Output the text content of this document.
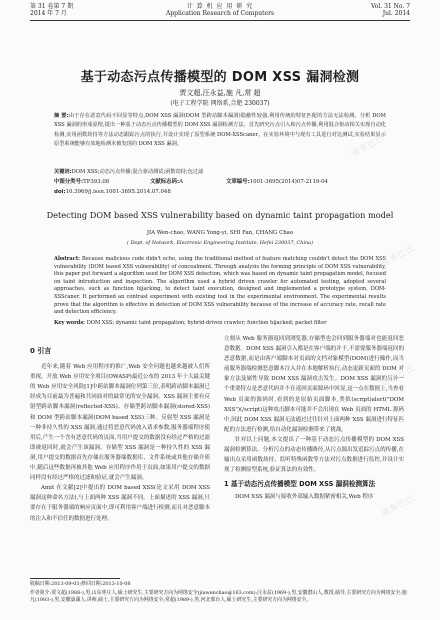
第 31 卷第 7 期
2014 年 7 月
计 算 机 应 用 研 究
Application Research of Computers
Vol. 31 No. 7
Jul. 2014
基于动态污点传播模型的 DOM XSS 漏洞检测
贾文超,汪永益,施 凡,常 超
(电子工程学院 网络系,合肥 230037)
摘 要:由于存在恶意代码不回显等特点,DOM XSS 漏洞(DOM 型跨站脚本漏洞)隐蔽性较强,利用传统的特征匹配的方法无法检测。分析 DOM XSS 漏洞的形成原理,提出一种基于动态污点传播模型的 DOM XSS 漏洞检测方法。首先研究污点引入和污点传播,利用混合驱动相关实现自动化检测,实用函数劫持等方法动态跟踪污点的执行,并设计实现了原型系统 DOM-XSScaner。在实验环境中与现有工具进行对比测试,实验结果显示原型系统能够有效地检测未被发现的 DOM XSS 漏洞。
关键词:DOM XSS;动态污点传播;混合驱动测试;函数劫持;包过滤
中图分类号:TP393.08	文献标志码:A	文章编号:1001-3695(2014)07-2119-04
doi:10.3969/j.issn.1001-3695.2014.07.048
Detecting DOM based XSS vulnerability based on dynamic taint propagation model
JIA Wen-chao, WANG Yong-yi, SHI Fan, CHANG Chao
( Dept. of Network, Electronic Engineering Institute, Hefei 230037, China)
Abstract: Because malicious code didn't echo, using the traditional method of feature matching couldn't detect the DOM XSS vulnerability (DOM based XSS vulnerability) of concealment. Through analysis the forming principle of DOM XSS vulnerability, this paper put forward a algorithm used for DOM XSS detection, which was based on dynamic taint propagation model, focused on taint introduction and inspection. The algorithm used a hybrid driven crawler for automated testing, adopted several approaches, such as function hijacking, to detect taint execution, designed and implemented a prototype system, DOM-XSScaner. It performed an contrast experiment with existing tool in the experimental environment. The experimental results prove that the algorithm is effective in detection of DOM XSS vulnerability because of the increase of accuracy rate, recall rate and detection efficiency.
Key words: DOM XSS; dynamic taint propagation; hybrid-driven crawler; function hijacked; packet filter
0 引言

近年来,随着 Web 应用程序的推广,Web 安全问题也越来越被人们所重视。开放 Web 应用安全项目(OWASP)最近公布的 2013 年十大最关键的 Web 应用安全风险[1]中跨站脚本漏洞位列第三位,表明跨站脚本漏洞已经成为目前最为普遍和共同面对的最常见的安全漏洞。XSS 漏洞主要有反射型跨站脚本漏洞(reflected-XSS)、存储型跨站脚本漏洞(stored-XSS)和 DOM 型跨站脚本漏洞(DOM based XSS)三种。反射型 XSS 漏洞是一种非持久性的 XSS 漏洞,通过将恶意代码放入请求参数,服务器端程序使用后,产生一个含有恶意代码的页面,当用户提交的数据没有经过严格的过滤即被返回时,就会产生该漏洞。存储型 XSS 漏洞是一种持久性的 XSS 漏洞,用户提交的数据首先存储在服务器端数据库、文件系统或其他存储介质中,随后这些数据再被其他 Web 应用程序作用于页面,如果用户提交的数据同样没有经过严格的过滤和验证,就会产生漏洞。

Amit 在文献[2]中提出的 DOM based XSS(论文采用 DOM XSS 漏洞这种命名方法),与上面两种 XSS 漏洞不同。上面描述的 XSS 漏洞,只要存在于服务器端的响应页面中,即可利用客户端进行检测,而且对恶意脚本的注入和不信任的数据进行处理。

立刻从 Web 服务器返回到浏览器,存储型也会回到服务器端对也能返回恶意数据。DOM XSS 漏洞引入都是在客户端的并于,不需要服务器端返回的恶意数据,而是由客户端脚本对页面的文档对象模型(DOM)进行操作,而当前服务器端检测恶意脚本注入并在本地解析执行,动态更新页面的 DOM 对象方法及属性导致 DOM XSS 漏洞攻击发生。DOM XSS 漏洞的另外一个重要特点是恶意代码并不在返回页面源码中回显,这一点在数据上,当查看 Web 页面的源码时,看到的是原始页面脚本,类似(script)alert("DOM XSS")(/script)这种攻击脚本可能并不会出现在 Web 页面的 HTML 源码中,因此 DOM XSS 漏洞无法通过过往针对上面两种 XSS 漏洞进行特征匹配的方法进行检测,给自动化漏洞检测带来了挑战。

针对以上问题,本文提出了一种基于动态污点传播模型的 DOM XSS 漏洞检测算法。分析污点的动态传播路径,从污点源出发追踪污点的传播,在输出点采用函数劫持、监听特殊函数等方法对污点数据进行监控,并设计实现了检测原型系统,验证算法的有效性。

1 基于动态污点传播模型 DOM XSS 漏洞检测算法

DOM XSS 漏洞与接收外部输入数据紧密相关,Web 程序

收稿日期:2013-09-03;修回日期:2013-10-08
作者简介:贾文超(1988-),男,山东枣庄人,硕士研究生,主要研究方向为网络安全(jiawenchao@163.com);汪永益(1969-),男,安徽潜山人,教授,硕导,主要研究方向为网络安全;施凡(1983-),男,安徽巢湖人,讲师,硕士,主要研究方向为网络安全;常超(1989-),男,河北邢台人,硕士研究生,主要研究方向为网络安全。
道客巴巴
道客巴巴
道客巴巴
道客巴巴
